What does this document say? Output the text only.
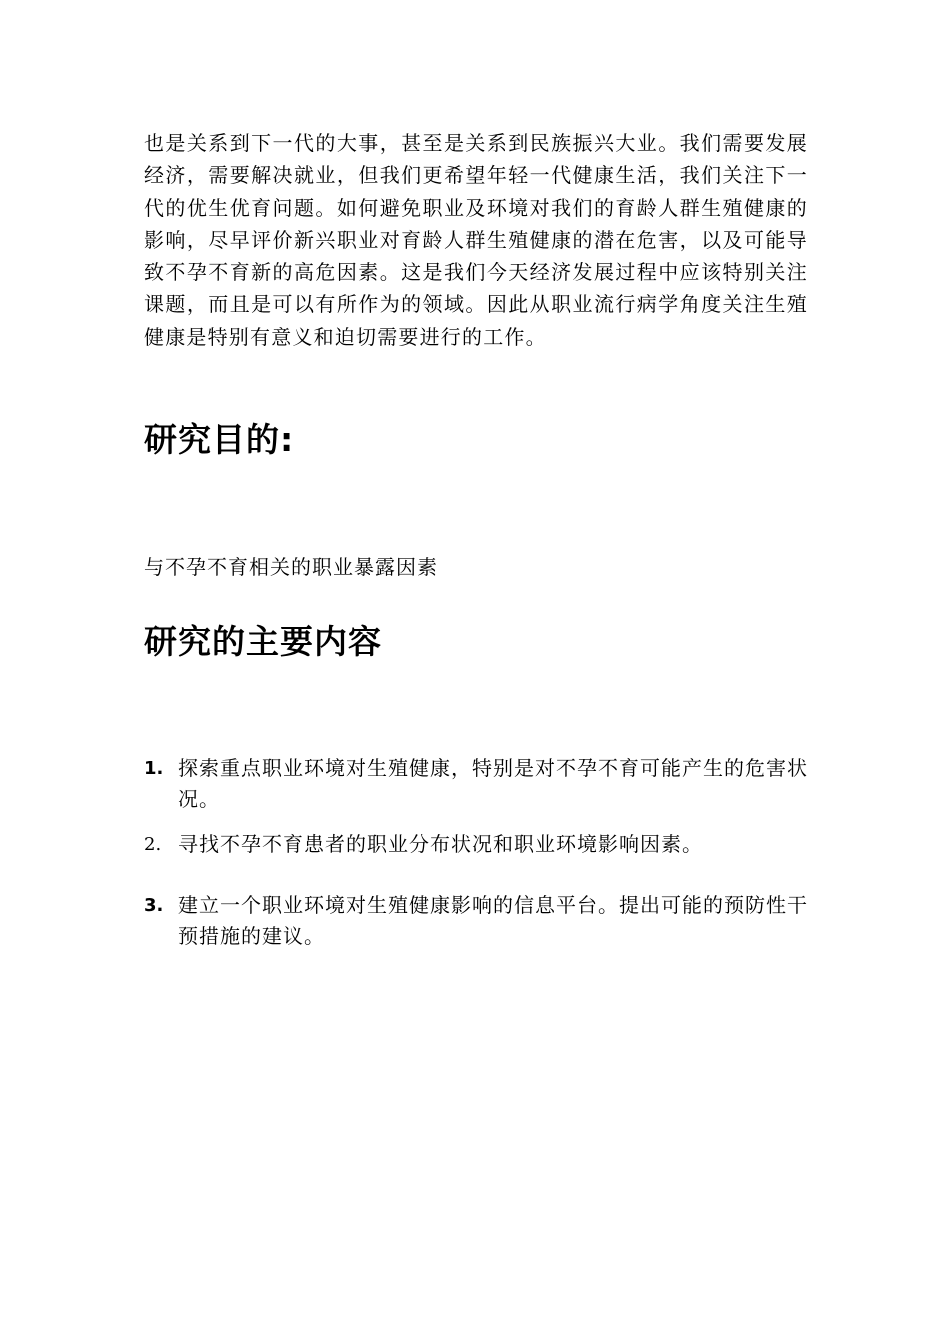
也是关系到下一代的大事，甚至是关系到民族振兴大业。我们需要发展经济，需要解决就业，但我们更希望年轻一代健康生活，我们关注下一代的优生优育问题。如何避免职业及环境对我们的育龄人群生殖健康的影响，尽早评价新兴职业对育龄人群生殖健康的潜在危害，以及可能导致不孕不育新的高危因素。这是我们今天经济发展过程中应该特别关注课题，而且是可以有所作为的领域。因此从职业流行病学角度关注生殖健康是特别有意义和迫切需要进行的工作。

研究目的:

与不孕不育相关的职业暴露因素

研究的主要内容
1. 探索重点职业环境对生殖健康，特别是对不孕不育可能产生的危害状况。
2. 寻找不孕不育患者的职业分布状况和职业环境影响因素。
3. 建立一个职业环境对生殖健康影响的信息平台。提出可能的预防性干预措施的建议。
